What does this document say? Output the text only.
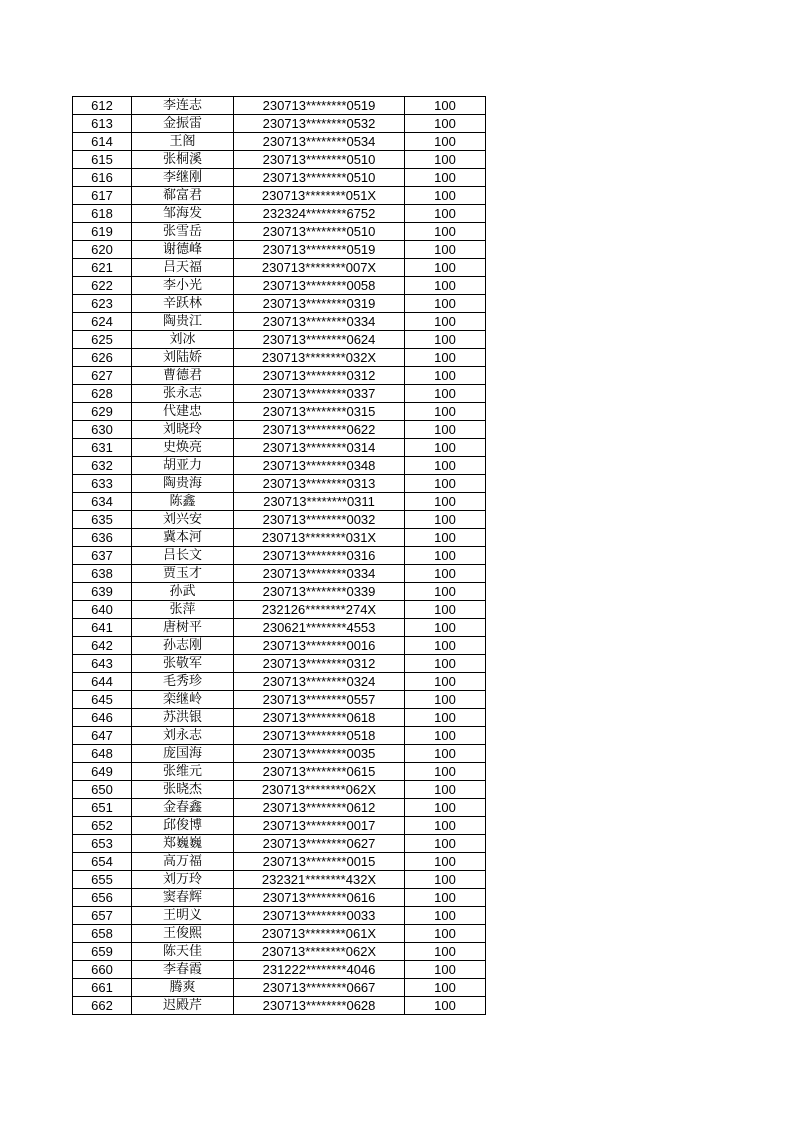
612	李连志	230713********0519	100
613	金振雷	230713********0532	100
614	王阁	230713********0534	100
615	张桐溪	230713********0510	100
616	李继刚	230713********0510	100
617	郗富君	230713********051X	100
618	邹海发	232324********6752	100
619	张雪岳	230713********0510	100
620	谢德峰	230713********0519	100
621	吕天福	230713********007X	100
622	李小光	230713********0058	100
623	辛跃林	230713********0319	100
624	陶贵江	230713********0334	100
625	刘冰	230713********0624	100
626	刘陆娇	230713********032X	100
627	曹德君	230713********0312	100
628	张永志	230713********0337	100
629	代建忠	230713********0315	100
630	刘晓玲	230713********0622	100
631	史焕亮	230713********0314	100
632	胡亚力	230713********0348	100
633	陶贵海	230713********0313	100
634	陈鑫	230713********0311	100
635	刘兴安	230713********0032	100
636	冀本河	230713********031X	100
637	吕长文	230713********0316	100
638	贾玉才	230713********0334	100
639	孙武	230713********0339	100
640	张萍	232126********274X	100
641	唐树平	230621********4553	100
642	孙志刚	230713********0016	100
643	张敬军	230713********0312	100
644	毛秀珍	230713********0324	100
645	栾继岭	230713********0557	100
646	苏洪银	230713********0618	100
647	刘永志	230713********0518	100
648	庞国海	230713********0035	100
649	张维元	230713********0615	100
650	张晓杰	230713********062X	100
651	金春鑫	230713********0612	100
652	邱俊博	230713********0017	100
653	郑巍巍	230713********0627	100
654	高万福	230713********0015	100
655	刘万玲	232321********432X	100
656	窦春辉	230713********0616	100
657	王明义	230713********0033	100
658	王俊熙	230713********061X	100
659	陈天佳	230713********062X	100
660	李春霞	231222********4046	100
661	腾爽	230713********0667	100
662	迟殿芹	230713********0628	100
